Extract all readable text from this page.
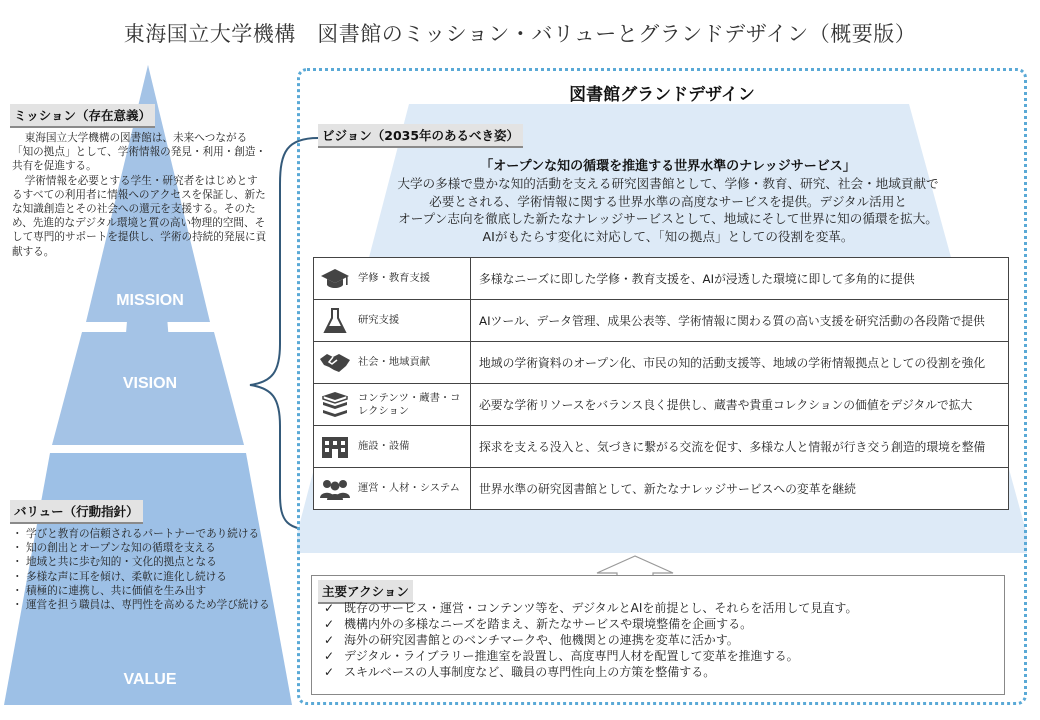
東海国立大学機構　図書館のミッション・バリューとグランドデザイン（概要版）
MISSION
VISION
VALUE
ミッション（存在意義）

東海国立大学機構の図書館は、未来へつながる「知の拠点」として、学術情報の発見・利用・創造・共有を促進する。

学術情報を必要とする学生・研究者をはじめとするすべての利用者に情報へのアクセスを保証し、新たな知識創造とその社会への還元を支援する。そのため、先進的なデジタル環境と質の高い物理的空間、そして専門的サポートを提供し、学術の持続的発展に貢献する。

バリュー（行動指針）
・ 学びと教育の信頼されるパートナーであり続ける
・ 知の創出とオープンな知の循環を支える
・ 地域と共に歩む知的・文化的拠点となる
・ 多様な声に耳を傾け、柔軟に進化し続ける
・ 積極的に連携し、共に価値を生み出す
・ 運営を担う職員は、専門性を高めるため学び続ける
図書館グランドデザイン
ビジョン（2035年のあるべき姿）
「オープンな知の循環を推進する世界水準のナレッジサービス」
大学の多様で豊かな知的活動を支える研究図書館として、学修・教育、研究、社会・地域貢献で
必要とされる、学術情報に関する世界水準の高度なサービスを提供。デジタル活用と
オープン志向を徹底した新たなナレッジサービスとして、地域にそして世界に知の循環を拡大。
AIがもたらす変化に対応して、「知の拠点」としての役割を変革。
学修・教育支援	多様なニーズに即した学修・教育支援を、AIが浸透した環境に即して多角的に提供

研究支援	AIツール、データ管理、成果公表等、学術情報に関わる質の高い支援を研究活動の各段階で提供

社会・地域貢献	地域の学術資料のオープン化、市民の知的活動支援等、地域の学術情報拠点としての役割を強化

コンテンツ・蔵書・コレクション	必要な学術リソースをバランス良く提供し、蔵書や貴重コレクションの価値をデジタルで拡大

施設・設備	探求を支える没入と、気づきに繋がる交流を促す、多様な人と情報が行き交う創造的環境を整備

運営・人材・システム	世界水準の研究図書館として、新たなナレッジサービスへの変革を継続
主要アクション
✓ 既存のサービス・運営・コンテンツ等を、デジタルとAIを前提とし、それらを活用して見直す。
✓ 機構内外の多様なニーズを踏まえ、新たなサービスや環境整備を企画する。
✓ 海外の研究図書館とのベンチマークや、他機関との連携を変革に活かす。
✓ デジタル・ライブラリー推進室を設置し、高度専門人材を配置して変革を推進する。
✓ スキルベースの人事制度など、職員の専門性向上の方策を整備する。
